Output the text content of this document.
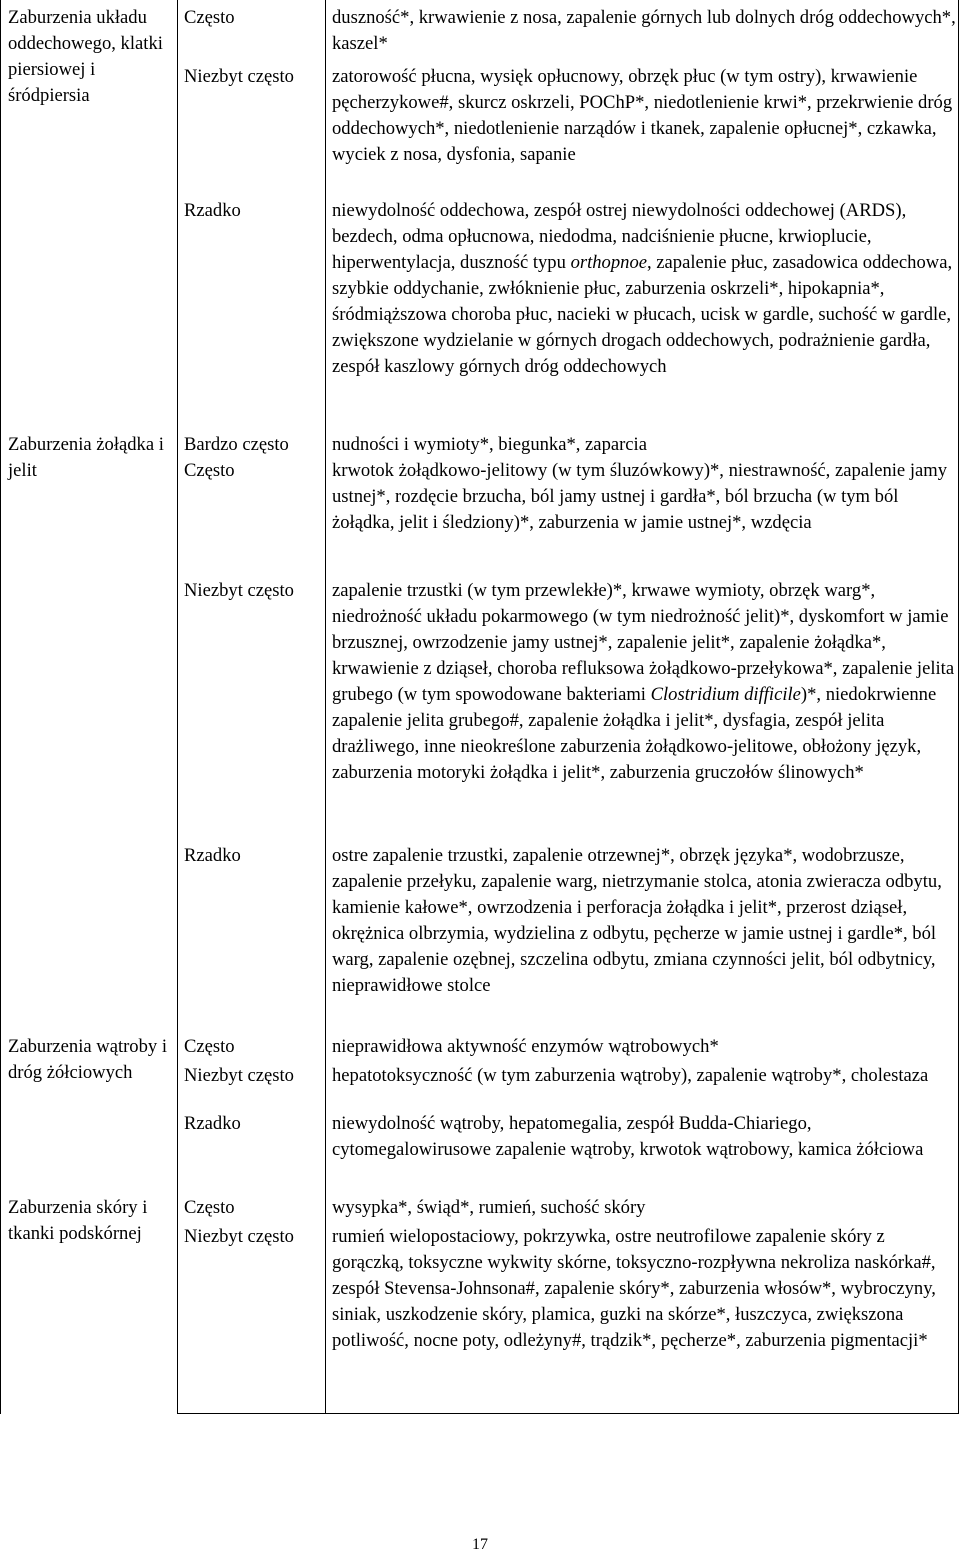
Zaburzenia układu oddechowego, klatki piersiowej i śródpiersia

Często	duszność*, krwawienie z nosa, zapalenie górnych lub dolnych dróg oddechowych*, kaszel*

Niezbyt często	zatorowość płucna, wysięk opłucnowy, obrzęk płuc (w tym ostry), krwawienie pęcherzykowe#, skurcz oskrzeli, POChP*, niedotlenienie krwi*, przekrwienie dróg oddechowych*, niedotlenienie narządów i tkanek, zapalenie opłucnej*, czkawka, wyciek z nosa, dysfonia, sapanie

Rzadko	niewydolność oddechowa, zespół ostrej niewydolności oddechowej (ARDS), bezdech, odma opłucnowa, niedodma, nadciśnienie płucne, krwioplucie, hiperwentylacja, duszność typu orthopnoe, zapalenie płuc, zasadowica oddechowa, szybkie oddychanie, zwłóknienie płuc, zaburzenia oskrzeli*, hipokapnia*, śródmiąższowa choroba płuc, nacieki w płucach, ucisk w gardle, suchość w gardle, zwiększone wydzielanie w górnych drogach oddechowych, podrażnienie gardła, zespół kaszlowy górnych dróg oddechowych

Zaburzenia żołądka i jelit

Bardzo często	nudności i wymioty*, biegunka*, zaparcia

Często	krwotok żołądkowo-jelitowy (w tym śluzówkowy)*, niestrawność, zapalenie jamy ustnej*, rozdęcie brzucha, ból jamy ustnej i gardła*, ból brzucha (w tym ból żołądka, jelit i śledziony)*, zaburzenia w jamie ustnej*, wzdęcia

Niezbyt często	zapalenie trzustki (w tym przewlekłe)*, krwawe wymioty, obrzęk warg*, niedrożność układu pokarmowego (w tym niedrożność jelit)*, dyskomfort w jamie brzusznej, owrzodzenie jamy ustnej*, zapalenie jelit*, zapalenie żołądka*, krwawienie z dziąseł, choroba refluksowa żołądkowo-przełykowa*, zapalenie jelita grubego (w tym spowodowane bakteriami Clostridium difficile)*, niedokrwienne zapalenie jelita grubego#, zapalenie żołądka i jelit*, dysfagia, zespół jelita drażliwego, inne nieokreślone zaburzenia żołądkowo-jelitowe, obłożony język, zaburzenia motoryki żołądka i jelit*, zaburzenia gruczołów ślinowych*

Rzadko	ostre zapalenie trzustki, zapalenie otrzewnej*, obrzęk języka*, wodobrzusze, zapalenie przełyku, zapalenie warg, nietrzymanie stolca, atonia zwieracza odbytu, kamienie kałowe*, owrzodzenia i perforacja żołądka i jelit*, przerost dziąseł, okrężnica olbrzymia, wydzielina z odbytu, pęcherze w jamie ustnej i gardle*, ból warg, zapalenie ozębnej, szczelina odbytu, zmiana czynności jelit, ból odbytnicy, nieprawidłowe stolce

Zaburzenia wątroby i dróg żółciowych

Często	nieprawidłowa aktywność enzymów wątrobowych*

Niezbyt często	hepatotoksyczność (w tym zaburzenia wątroby), zapalenie wątroby*, cholestaza

Rzadko	niewydolność wątroby, hepatomegalia, zespół Budda-Chiariego, cytomegalowirusowe zapalenie wątroby, krwotok wątrobowy, kamica żółciowa

Zaburzenia skóry i tkanki podskórnej

Często	wysypka*, świąd*, rumień, suchość skóry

Niezbyt często	rumień wielopostaciowy, pokrzywka, ostre neutrofilowe zapalenie skóry z gorączką, toksyczne wykwity skórne, toksyczno-rozpływna nekroliza naskórka#, zespół Stevensa-Johnsona#, zapalenie skóry*, zaburzenia włosów*, wybroczyny, siniak, uszkodzenie skóry, plamica, guzki na skórze*, łuszczyca, zwiększona potliwość, nocne poty, odleżyny#, trądzik*, pęcherze*, zaburzenia pigmentacji*

17
